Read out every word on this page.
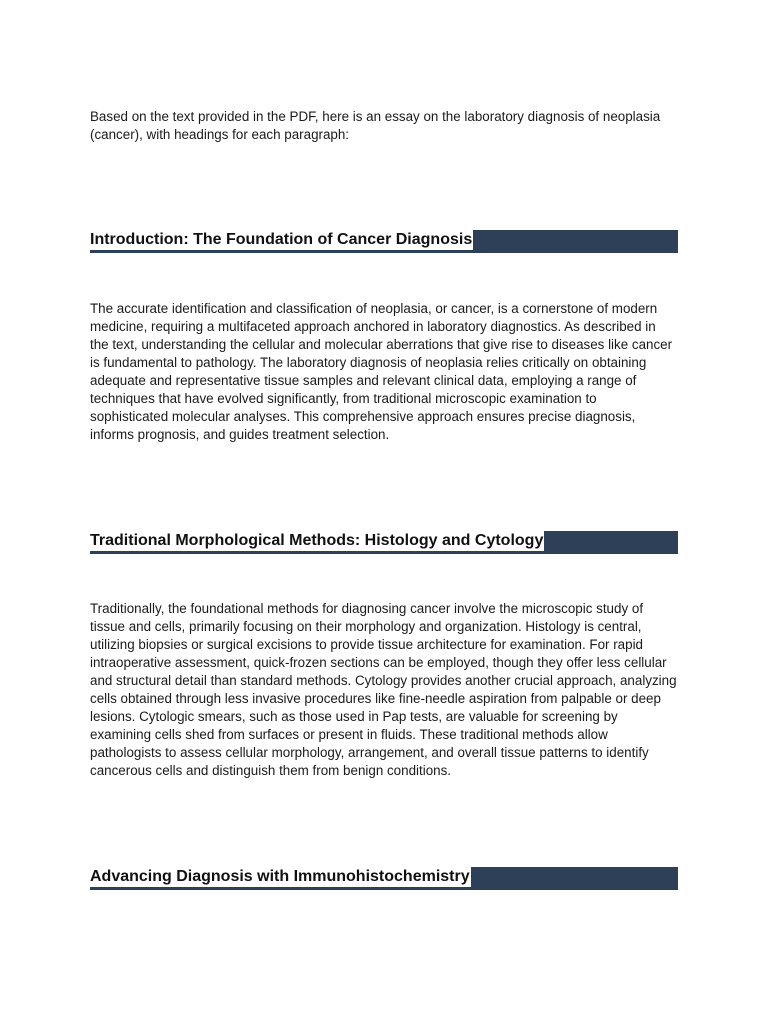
Based on the text provided in the PDF, here is an essay on the laboratory diagnosis of neoplasia (cancer), with headings for each paragraph:

Introduction: The Foundation of Cancer Diagnosis

The accurate identification and classification of neoplasia, or cancer, is a cornerstone of modern medicine, requiring a multifaceted approach anchored in laboratory diagnostics. As described in the text, understanding the cellular and molecular aberrations that give rise to diseases like cancer is fundamental to pathology. The laboratory diagnosis of neoplasia relies critically on obtaining adequate and representative tissue samples and relevant clinical data, employing a range of techniques that have evolved significantly, from traditional microscopic examination to sophisticated molecular analyses. This comprehensive approach ensures precise diagnosis, informs prognosis, and guides treatment selection.

Traditional Morphological Methods: Histology and Cytology

Traditionally, the foundational methods for diagnosing cancer involve the microscopic study of tissue and cells, primarily focusing on their morphology and organization. Histology is central, utilizing biopsies or surgical excisions to provide tissue architecture for examination. For rapid intraoperative assessment, quick-frozen sections can be employed, though they offer less cellular and structural detail than standard methods. Cytology provides another crucial approach, analyzing cells obtained through less invasive procedures like fine-needle aspiration from palpable or deep lesions. Cytologic smears, such as those used in Pap tests, are valuable for screening by examining cells shed from surfaces or present in fluids. These traditional methods allow pathologists to assess cellular morphology, arrangement, and overall tissue patterns to identify cancerous cells and distinguish them from benign conditions.

Advancing Diagnosis with Immunohistochemistry
